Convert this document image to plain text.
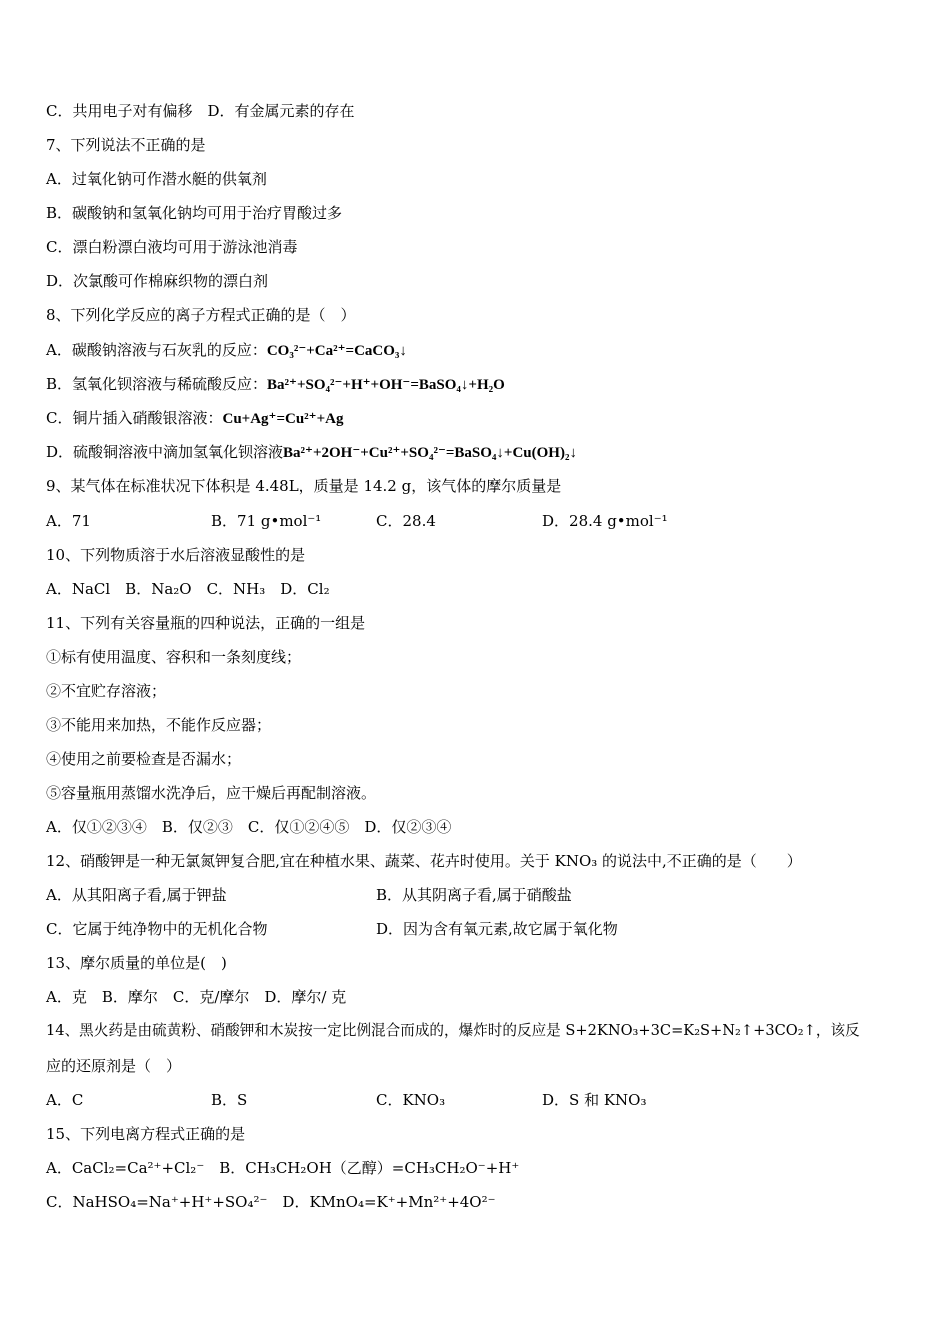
C．共用电子对有偏移　D．有金属元素的存在
7、下列说法不正确的是
A．过氧化钠可作潜水艇的供氧剂
B．碳酸钠和氢氧化钠均可用于治疗胃酸过多
C．漂白粉漂白液均可用于游泳池消毒
D．次氯酸可作棉麻织物的漂白剂
8、下列化学反应的离子方程式正确的是（　）
A．碳酸钠溶液与石灰乳的反应：CO₃²⁻+Ca²⁺=CaCO₃↓
B．氢氧化钡溶液与稀硫酸反应：Ba²⁺+SO₄²⁻+H⁺+OH⁻=BaSO₄↓+H₂O
C．铜片插入硝酸银溶液：Cu+Ag⁺=Cu²⁺+Ag
D．硫酸铜溶液中滴加氢氧化钡溶液Ba²⁺+2OH⁻+Cu²⁺+SO₄²⁻=BaSO₄↓+Cu(OH)₂↓
9、某气体在标准状况下体积是 4.48L，质量是 14.2 g，该气体的摩尔质量是
A．71	B．71 g•mol⁻¹	C．28.4	D．28.4 g•mol⁻¹
10、下列物质溶于水后溶液显酸性的是
A．NaCl　B．Na₂O　C．NH₃　D．Cl₂
11、下列有关容量瓶的四种说法，正确的一组是
①标有使用温度、容积和一条刻度线；
②不宜贮存溶液；
③不能用来加热，不能作反应器；
④使用之前要检查是否漏水；
⑤容量瓶用蒸馏水洗净后，应干燥后再配制溶液。
A．仅①②③④　B．仅②③　C．仅①②④⑤　D．仅②③④
12、硝酸钾是一种无氯氮钾复合肥,宜在种植水果、蔬菜、花卉时使用。关于 KNO₃ 的说法中,不正确的是（　　）
A．从其阳离子看,属于钾盐	B．从其阴离子看,属于硝酸盐
C．它属于纯净物中的无机化合物	D．因为含有氧元素,故它属于氧化物
13、摩尔质量的单位是(　)
A．克　B．摩尔　C．克/摩尔　D．摩尔/ 克
14、黑火药是由硫黄粉、硝酸钾和木炭按一定比例混合而成的，爆炸时的反应是 S+2KNO₃+3C=K₂S+N₂↑+3CO₂↑，该反
应的还原剂是（　）
A．C	B．S	C．KNO₃	D．S 和 KNO₃
15、下列电离方程式正确的是
A．CaCl₂=Ca²⁺+Cl₂⁻　B．CH₃CH₂OH（乙醇）=CH₃CH₂O⁻+H⁺
C．NaHSO₄=Na⁺+H⁺+SO₄²⁻　D．KMnO₄=K⁺+Mn²⁺+4O²⁻
